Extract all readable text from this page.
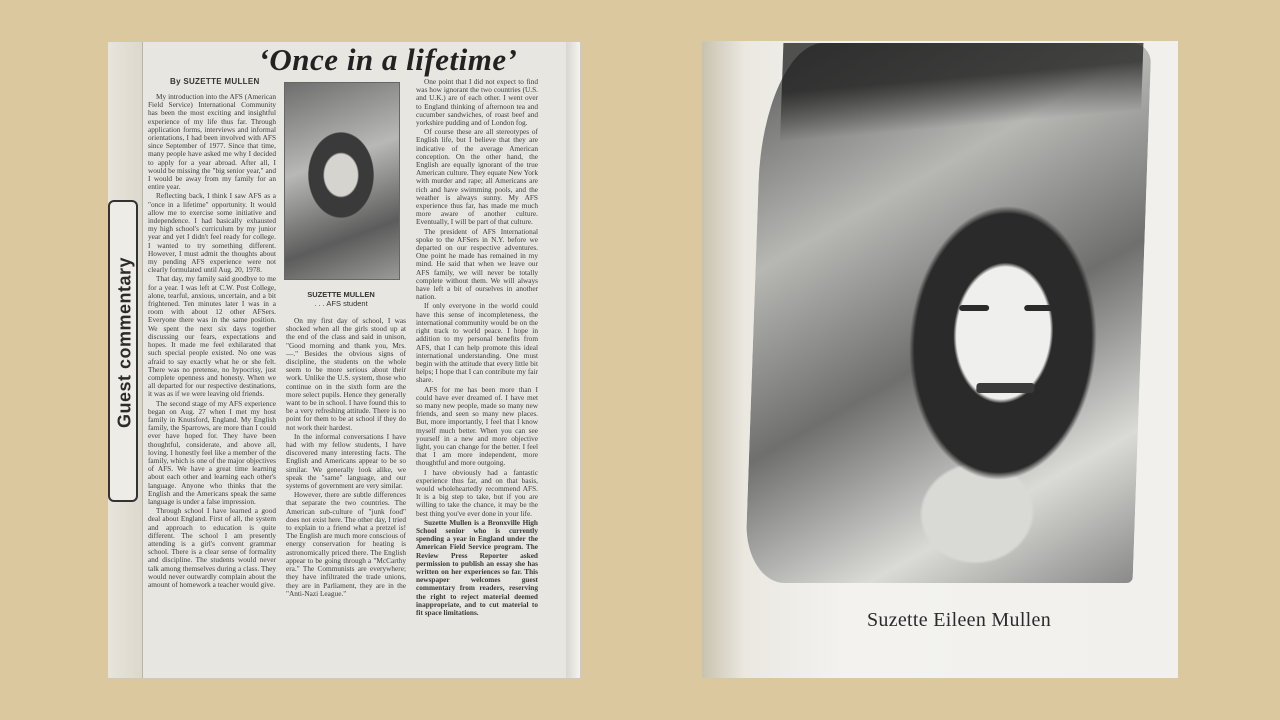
Guest commentary
‘Once in a lifetime’
By SUZETTE MULLEN

My introduction into the AFS (American Field Service) International Community has been the most exciting and insightful experience of my life thus far. Through application forms, interviews and informal orientations, I had been involved with AFS since September of 1977. Since that time, many people have asked me why I decided to apply for a year abroad. After all, I would be missing the "big senior year," and I would be away from my family for an entire year.

Reflecting back, I think I saw AFS as a "once in a lifetime" opportunity. It would allow me to exercise some initiative and independence. I had basically exhausted my high school's curriculum by my junior year and yet I didn't feel ready for college. I wanted to try something different. However, I must admit the thoughts about my pending AFS experience were not clearly formulated until Aug. 20, 1978.

That day, my family said goodbye to me for a year. I was left at C.W. Post College, alone, tearful, anxious, uncertain, and a bit frightened. Ten minutes later I was in a room with about 12 other AFSers. Everyone there was in the same position. We spent the next six days together discussing our fears, expectations and hopes. It made me feel exhilarated that such special people existed. No one was afraid to say exactly what he or she felt. There was no pretense, no hypocrisy, just complete openness and honesty. When we all departed for our respective destinations, it was as if we were leaving old friends.

The second stage of my AFS experience began on Aug. 27 when I met my host family in Knutsford, England. My English family, the Sparrows, are more than I could ever have hoped for. They have been thoughtful, considerate, and above all, loving. I honestly feel like a member of the family, which is one of the major objectives of AFS. We have a great time learning about each other and learning each other's language. Anyone who thinks that the English and the Americans speak the same language is under a false impression.

Through school I have learned a good deal about England. First of all, the system and approach to education is quite different. The school I am presently attending is a girl's convent grammar school. There is a clear sense of formality and discipline. The students would never talk among themselves during a class. They would never outwardly complain about the amount of homework a teacher would give.

SUZETTE MULLEN
. . . AFS student

On my first day of school, I was shocked when all the girls stood up at the end of the class and said in unison, "Good morning and thank you, Mrs. —." Besides the obvious signs of discipline, the students on the whole seem to be more serious about their work. Unlike the U.S. system, those who continue on in the sixth form are the more select pupils. Hence they generally want to be in school. I have found this to be a very refreshing attitude. There is no point for them to be at school if they do not work their hardest.

In the informal conversations I have had with my fellow students, I have discovered many interesting facts. The English and Americans appear to be so similar. We generally look alike, we speak the "same" language, and our systems of government are very similar.

However, there are subtle differences that separate the two countries. The American sub-culture of "junk food" does not exist here. The other day, I tried to explain to a friend what a pretzel is! The English are much more conscious of energy conservation for heating is astronomically priced there. The English appear to be going through a "McCarthy era." The Communists are everywhere; they have infiltrated the trade unions, they are in Parliament, they are in the "Anti-Nazi League."

One point that I did not expect to find was how ignorant the two countries (U.S. and U.K.) are of each other. I went over to England thinking of afternoon tea and cucumber sandwiches, of roast beef and yorkshire pudding and of London fog.

Of course these are all stereotypes of English life, but I believe that they are indicative of the average American conception. On the other hand, the English are equally ignorant of the true American culture. They equate New York with murder and rape; all Americans are rich and have swimming pools, and the weather is always sunny. My AFS experience thus far, has made me much more aware of another culture. Eventually, I will be part of that culture.

The president of AFS International spoke to the AFSers in N.Y. before we departed on our respective adventures. One point he made has remained in my mind. He said that when we leave our AFS family, we will never be totally complete without them. We will always have left a bit of ourselves in another nation.

If only everyone in the world could have this sense of incompleteness, the international community would be on the right track to world peace. I hope in addition to my personal benefits from AFS, that I can help promote this ideal international understanding. One must begin with the attitude that every little bit helps; I hope that I can contribute my fair share.

AFS for me has been more than I could have ever dreamed of. I have met so many new people, made so many new friends, and seen so many new places. But, more importantly, I feel that I know myself much better. When you can see yourself in a new and more objective light, you can change for the better. I feel that I am more independent, more thoughtful and more outgoing.

I have obviously had a fantastic experience thus far, and on that basis, would wholeheartedly recommend AFS. It is a big step to take, but if you are willing to take the chance, it may be the best thing you've ever done in your life.

Suzette Mullen is a Bronxville High School senior who is currently spending a year in England under the American Field Service program. The Review Press Reporter asked permission to publish an essay she has written on her experiences so far. This newspaper welcomes guest commentary from readers, reserving the right to reject material deemed inappropriate, and to cut material to fit space limitations.	Suzette Eileen Mullen
